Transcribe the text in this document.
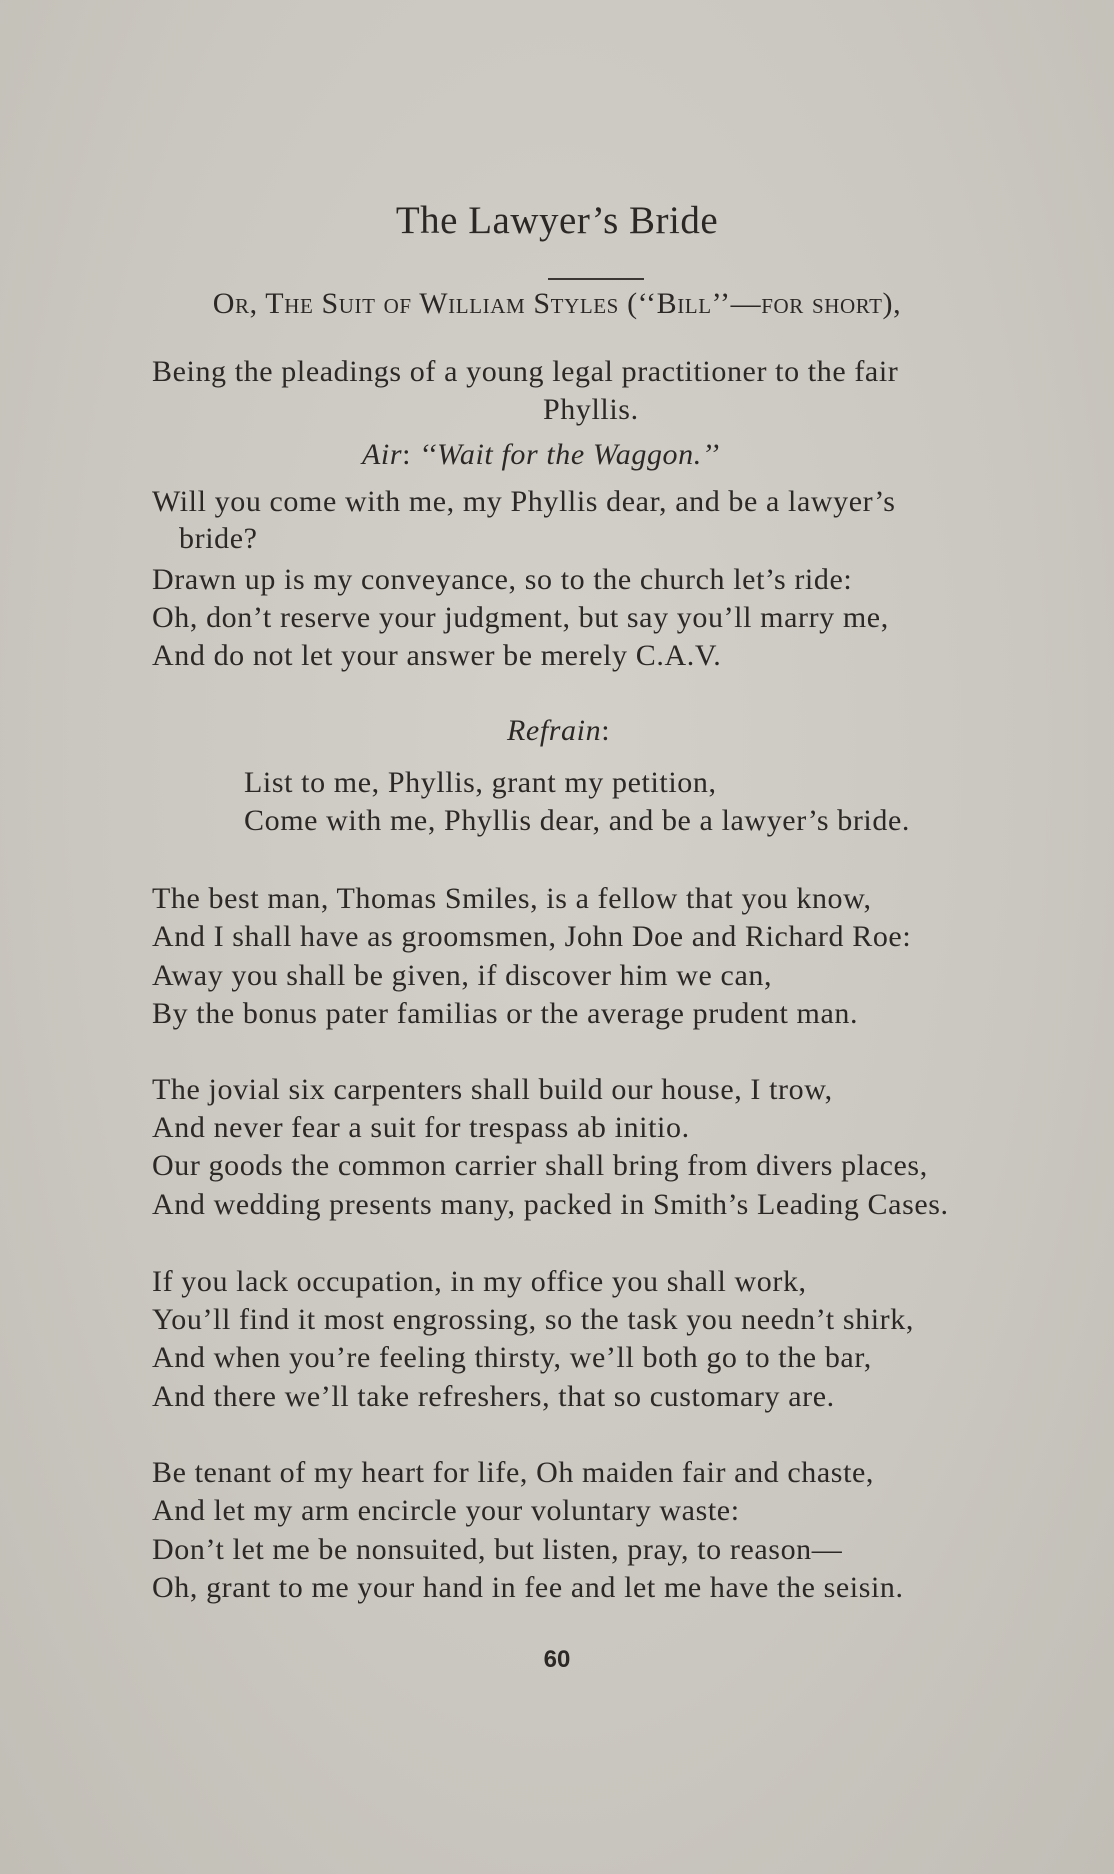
The Lawyer’s Bride
Or, The Suit of William Styles (‘‘Bill’’—for short),
Being the pleadings of a young legal practitioner to the fair
Phyllis.
Air: ‘‘Wait for the Waggon.’’
Will you come with me, my Phyllis dear, and be a lawyer’s
bride?
Drawn up is my conveyance, so to the church let’s ride:
Oh, don’t reserve your judgment, but say you’ll marry me,
And do not let your answer be merely C.A.V.
Refrain:
List to me, Phyllis, grant my petition,
Come with me, Phyllis dear, and be a lawyer’s bride.
The best man, Thomas Smiles, is a fellow that you know,
And I shall have as groomsmen, John Doe and Richard Roe:
Away you shall be given, if discover him we can,
By the bonus pater familias or the average prudent man.
The jovial six carpenters shall build our house, I trow,
And never fear a suit for trespass ab initio.
Our goods the common carrier shall bring from divers places,
And wedding presents many, packed in Smith’s Leading Cases.
If you lack occupation, in my office you shall work,
You’ll find it most engrossing, so the task you needn’t shirk,
And when you’re feeling thirsty, we’ll both go to the bar,
And there we’ll take refreshers, that so customary are.
Be tenant of my heart for life, Oh maiden fair and chaste,
And let my arm encircle your voluntary waste:
Don’t let me be nonsuited, but listen, pray, to reason—
Oh, grant to me your hand in fee and let me have the seisin.
60
